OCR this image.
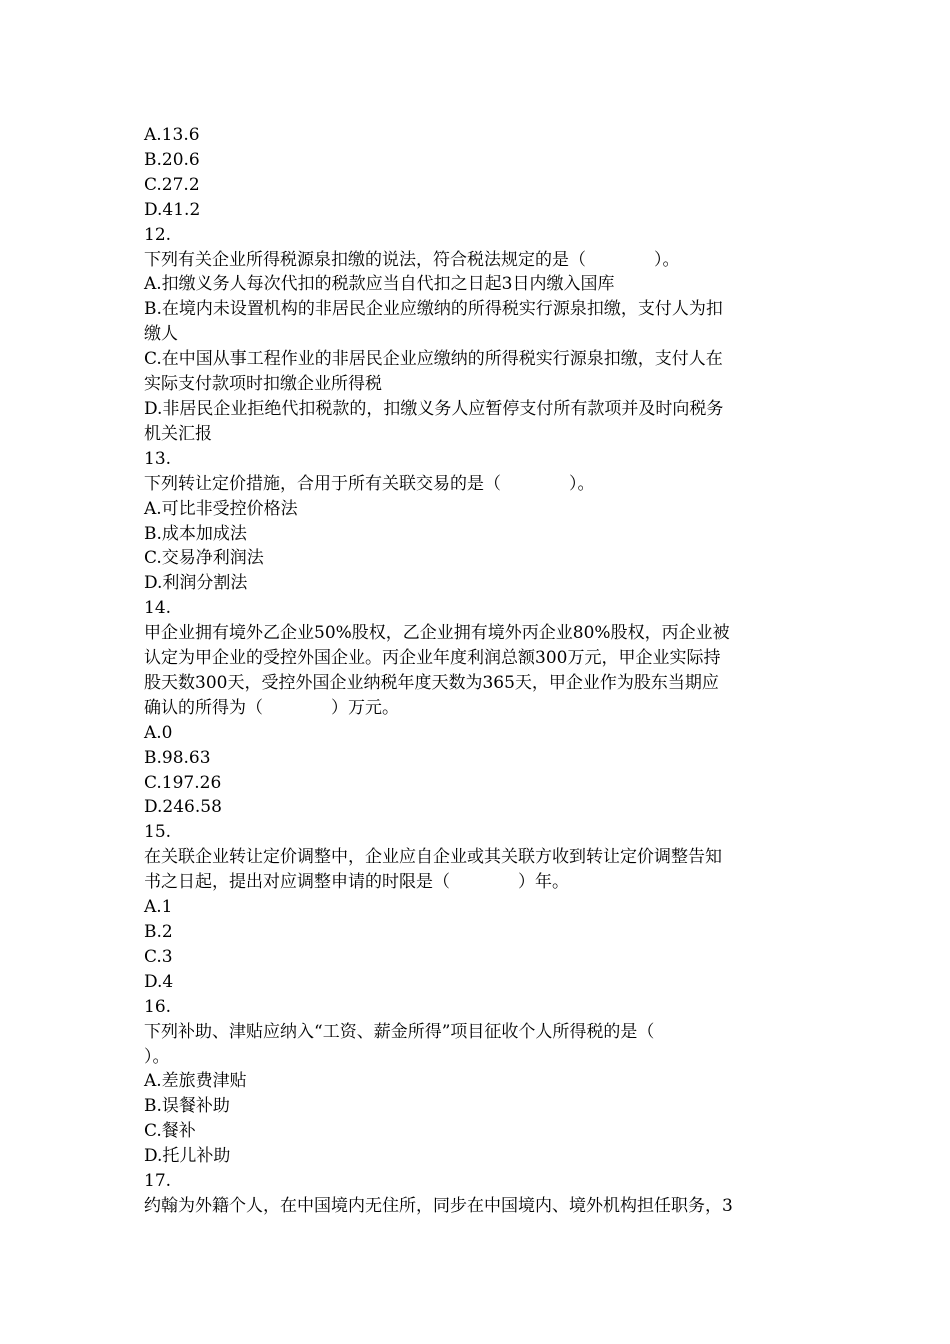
A.13.6
B.20.6
C.27.2
D.41.2
12.
下列有关企业所得税源泉扣缴的说法，符合税法规定的是（　　　　）。
A.扣缴义务人每次代扣的税款应当自代扣之日起3日内缴入国库
B.在境内未设置机构的非居民企业应缴纳的所得税实行源泉扣缴，支付人为扣
缴人
C.在中国从事工程作业的非居民企业应缴纳的所得税实行源泉扣缴，支付人在
实际支付款项时扣缴企业所得税
D.非居民企业拒绝代扣税款的，扣缴义务人应暂停支付所有款项并及时向税务
机关汇报
13.
下列转让定价措施，合用于所有关联交易的是（　　　　）。
A.可比非受控价格法
B.成本加成法
C.交易净利润法
D.利润分割法
14.
甲企业拥有境外乙企业50%股权，乙企业拥有境外丙企业80%股权，丙企业被
认定为甲企业的受控外国企业。丙企业年度利润总额300万元，甲企业实际持
股天数300天，受控外国企业纳税年度天数为365天，甲企业作为股东当期应
确认的所得为（　　　　）万元。
A.0
B.98.63
C.197.26
D.246.58
15.
在关联企业转让定价调整中，企业应自企业或其关联方收到转让定价调整告知
书之日起，提出对应调整申请的时限是（　　　　）年。
A.1
B.2
C.3
D.4
16.
下列补助、津贴应纳入“工资、薪金所得”项目征收个人所得税的是（
）。
A.差旅费津贴
B.误餐补助
C.餐补
D.托儿补助
17.
约翰为外籍个人，在中国境内无住所，同步在中国境内、境外机构担任职务，3
